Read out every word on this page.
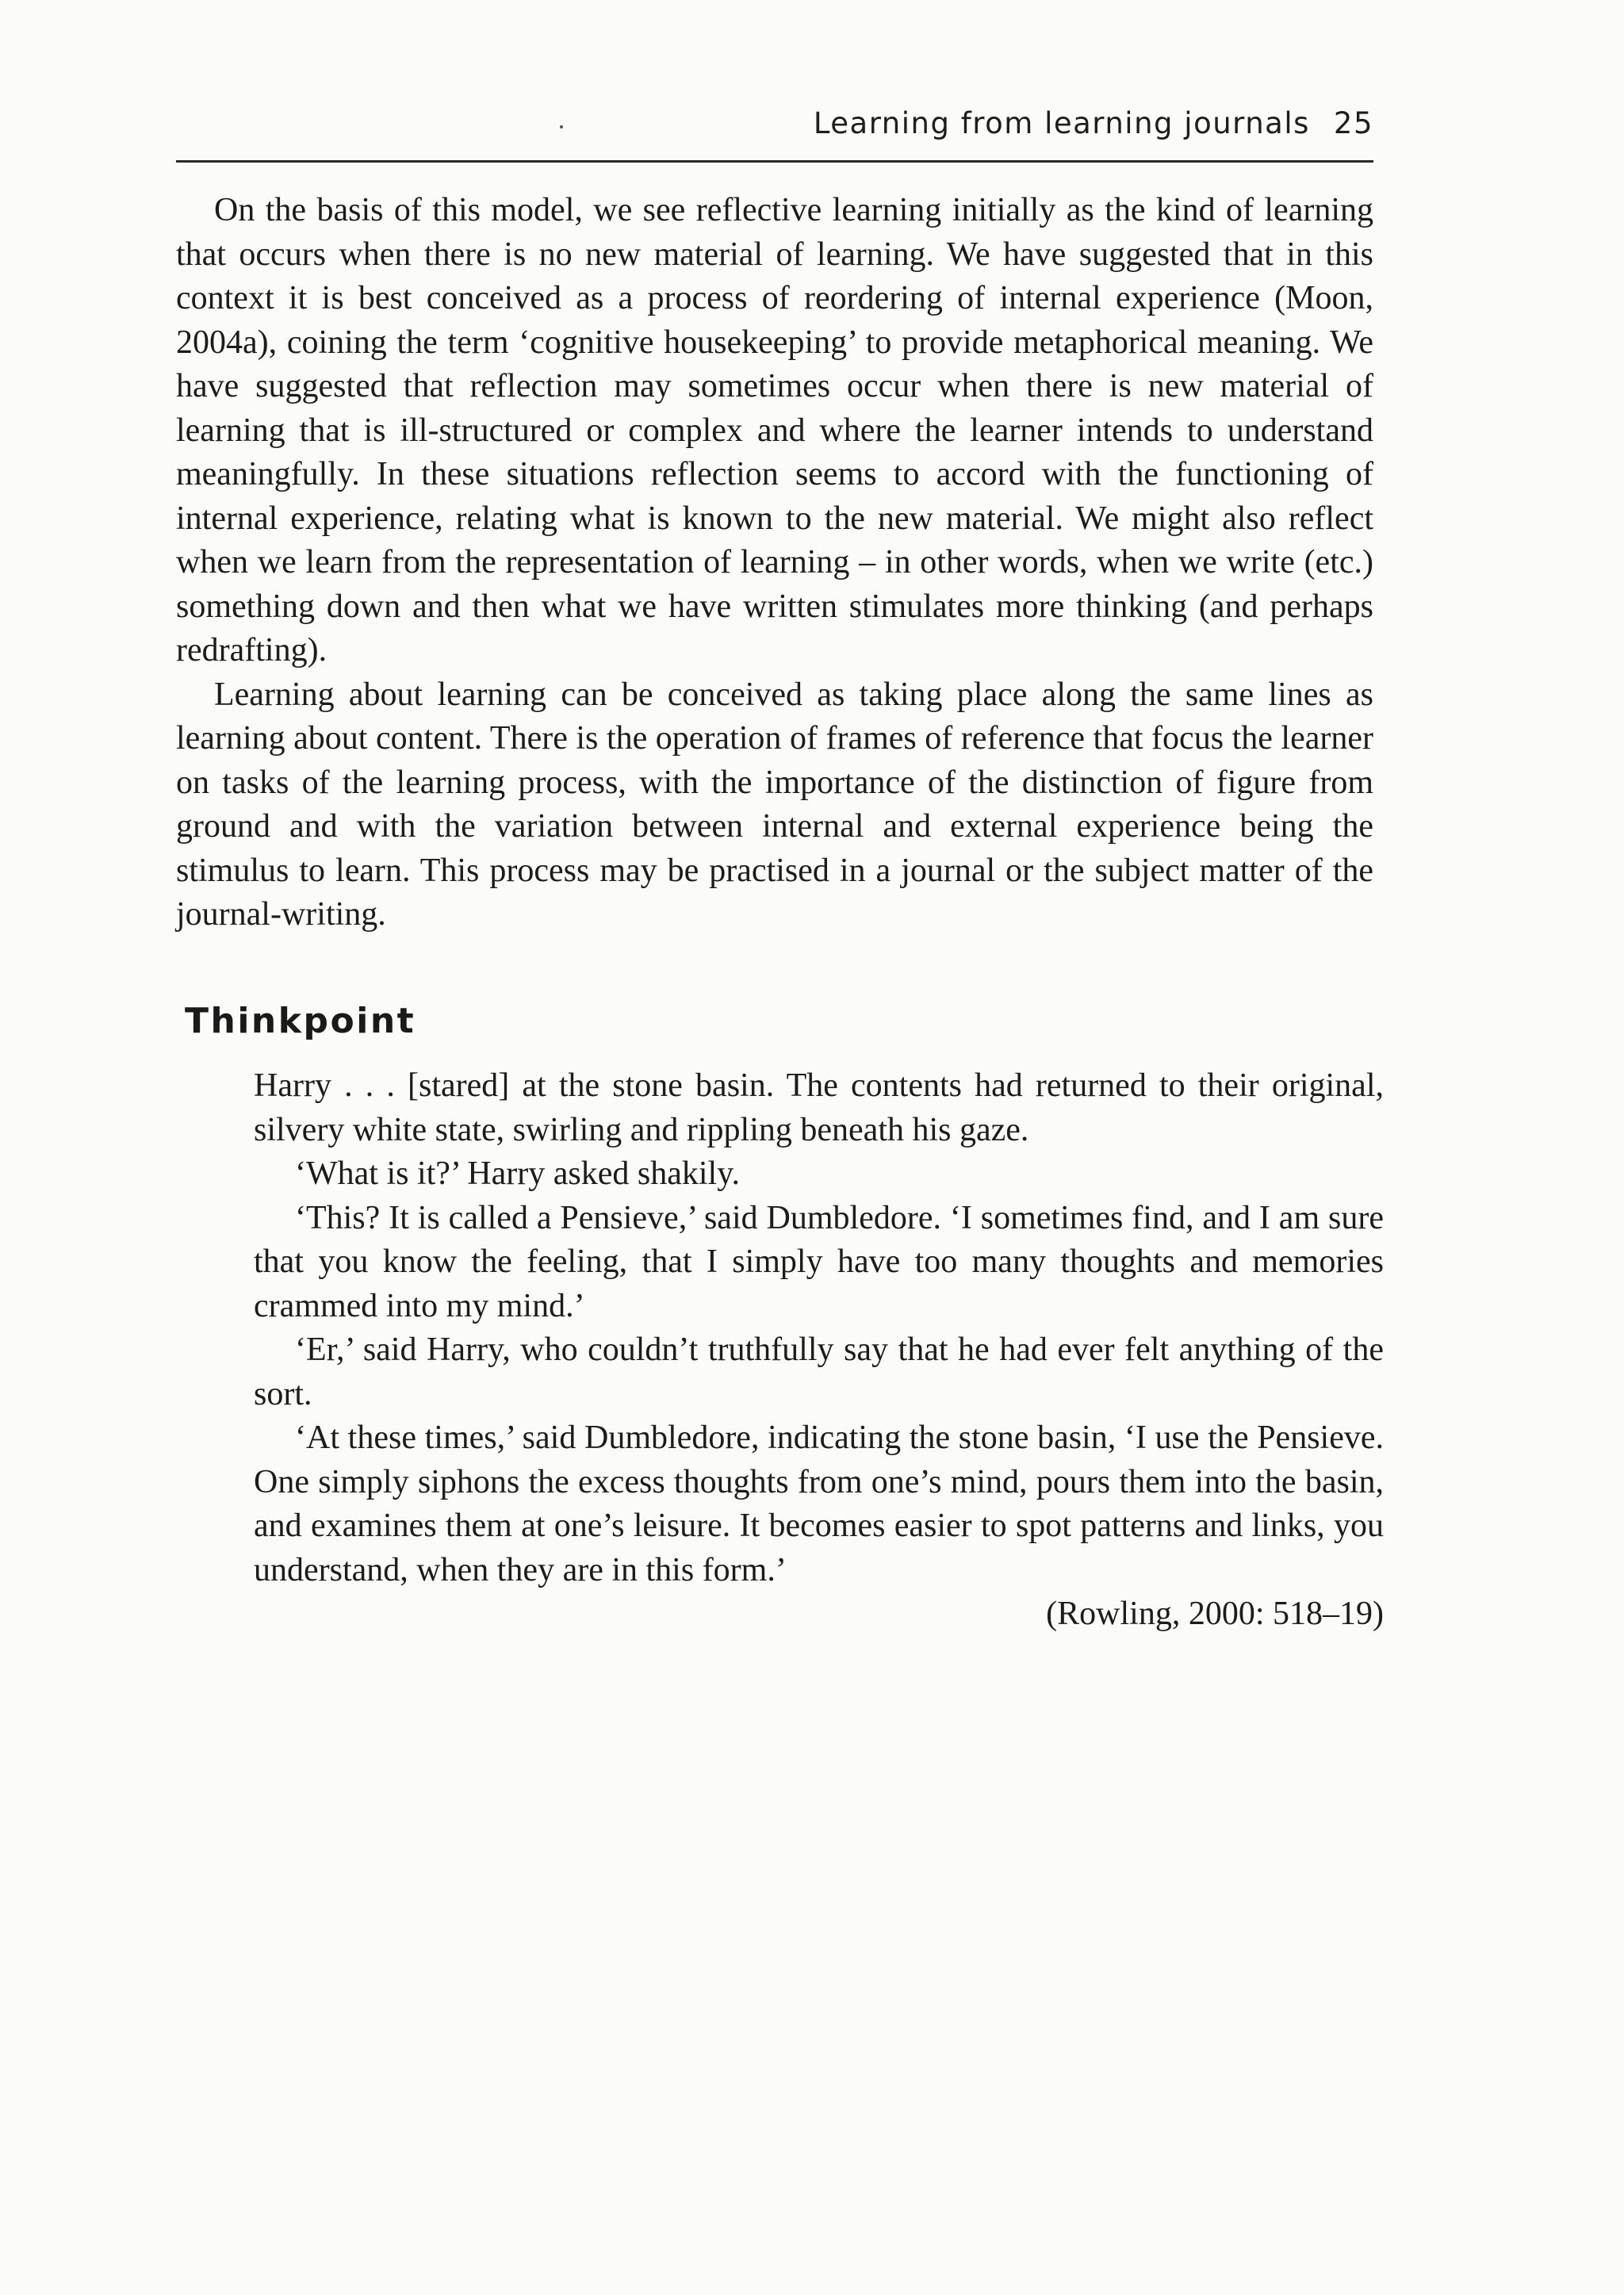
Learning from learning journals 25

On the basis of this model, we see reflective learning initially as the kind of learning that occurs when there is no new material of learning. We have suggested that in this context it is best conceived as a process of reordering of internal experience (Moon, 2004a), coining the term ‘cognitive housekeeping’ to provide metaphorical meaning. We have suggested that reflection may sometimes occur when there is new material of learning that is ill-structured or complex and where the learner intends to understand meaningfully. In these situations reflection seems to accord with the functioning of internal experience, relating what is known to the new material. We might also reflect when we learn from the representation of learning – in other words, when we write (etc.) something down and then what we have written stimulates more thinking (and perhaps redrafting).

Learning about learning can be conceived as taking place along the same lines as learning about content. There is the operation of frames of reference that focus the learner on tasks of the learning process, with the importance of the distinction of figure from ground and with the variation between internal and external experience being the stimulus to learn. This process may be practised in a journal or the subject matter of the journal-writing.

Thinkpoint

Harry . . . [stared] at the stone basin. The contents had returned to their original, silvery white state, swirling and rippling beneath his gaze.

‘What is it?’ Harry asked shakily.

‘This? It is called a Pensieve,’ said Dumbledore. ‘I sometimes find, and I am sure that you know the feeling, that I simply have too many thoughts and memories crammed into my mind.’

‘Er,’ said Harry, who couldn’t truthfully say that he had ever felt anything of the sort.

‘At these times,’ said Dumbledore, indicating the stone basin, ‘I use the Pensieve. One simply siphons the excess thoughts from one’s mind, pours them into the basin, and examines them at one’s leisure. It becomes easier to spot patterns and links, you understand, when they are in this form.’

(Rowling, 2000: 518–19)
